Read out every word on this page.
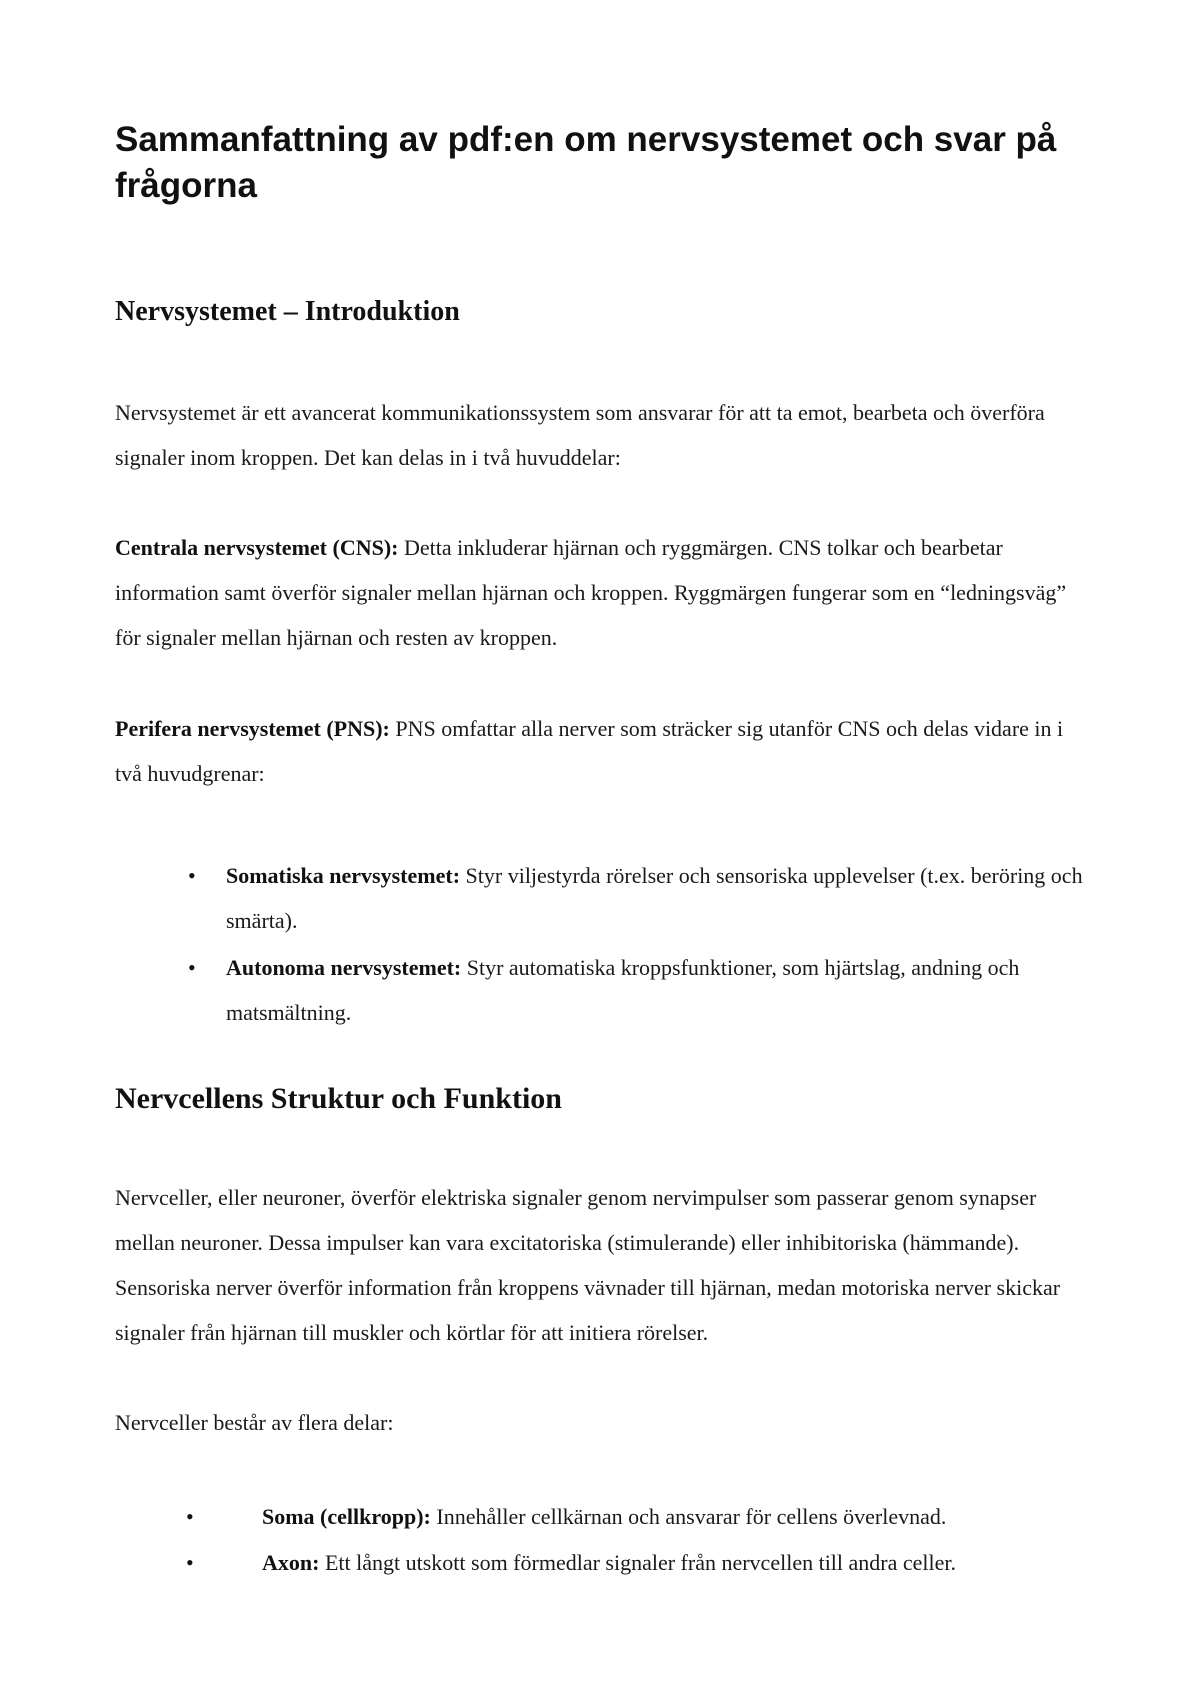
Sammanfattning av pdf:en om nervsystemet och svar på frågorna
Nervsystemet – Introduktion

Nervsystemet är ett avancerat kommunikationssystem som ansvarar för att ta emot, bearbeta och överföra signaler inom kroppen. Det kan delas in i två huvuddelar:

Centrala nervsystemet (CNS): Detta inkluderar hjärnan och ryggmärgen. CNS tolkar och bearbetar information samt överför signaler mellan hjärnan och kroppen. Ryggmärgen fungerar som en “ledningsväg” för signaler mellan hjärnan och resten av kroppen.

Perifera nervsystemet (PNS): PNS omfattar alla nerver som sträcker sig utanför CNS och delas vidare in i två huvudgrenar:

• Somatiska nervsystemet: Styr viljestyrda rörelser och sensoriska upplevelser (t.ex. beröring och smärta).
• Autonoma nervsystemet: Styr automatiska kroppsfunktioner, som hjärtslag, andning och matsmältning.
Nervcellens Struktur och Funktion

Nervceller, eller neuroner, överför elektriska signaler genom nervimpulser som passerar genom synapser mellan neuroner. Dessa impulser kan vara excitatoriska (stimulerande) eller inhibitoriska (hämmande). Sensoriska nerver överför information från kroppens vävnader till hjärnan, medan motoriska nerver skickar signaler från hjärnan till muskler och körtlar för att initiera rörelser.

Nervceller består av flera delar:

•	Soma (cellkropp): Innehåller cellkärnan och ansvarar för cellens överlevnad.
•	Axon: Ett långt utskott som förmedlar signaler från nervcellen till andra celler.
